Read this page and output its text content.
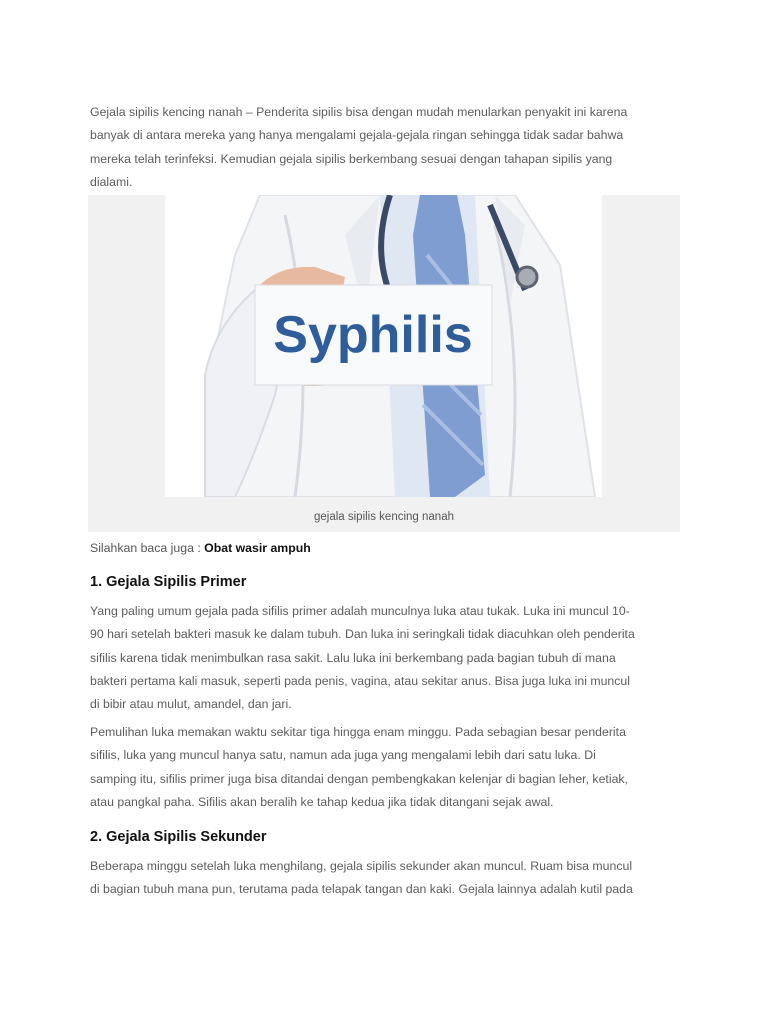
Gejala sipilis kencing nanah – Penderita sipilis bisa dengan mudah menularkan penyakit ini karena
banyak di antara mereka yang hanya mengalami gejala-gejala ringan sehingga tidak sadar bahwa
mereka telah terinfeksi. Kemudian gejala sipilis berkembang sesuai dengan tahapan sipilis yang
dialami.

Syphilis
gejala sipilis kencing nanah
Silahkan baca juga : Obat wasir ampuh
1. Gejala Sipilis Primer

Yang paling umum gejala pada sifilis primer adalah munculnya luka atau tukak. Luka ini muncul 10-
90 hari setelah bakteri masuk ke dalam tubuh. Dan luka ini seringkali tidak diacuhkan oleh penderita
sifilis karena tidak menimbulkan rasa sakit. Lalu luka ini berkembang pada bagian tubuh di mana
bakteri pertama kali masuk, seperti pada penis, vagina, atau sekitar anus. Bisa juga luka ini muncul
di bibir atau mulut, amandel, dan jari.

Pemulihan luka memakan waktu sekitar tiga hingga enam minggu. Pada sebagian besar penderita
sifilis, luka yang muncul hanya satu, namun ada juga yang mengalami lebih dari satu luka. Di
samping itu, sifilis primer juga bisa ditandai dengan pembengkakan kelenjar di bagian leher, ketiak,
atau pangkal paha. Sifilis akan beralih ke tahap kedua jika tidak ditangani sejak awal.

2. Gejala Sipilis Sekunder

Beberapa minggu setelah luka menghilang, gejala sipilis sekunder akan muncul. Ruam bisa muncul
di bagian tubuh mana pun, terutama pada telapak tangan dan kaki. Gejala lainnya adalah kutil pada
